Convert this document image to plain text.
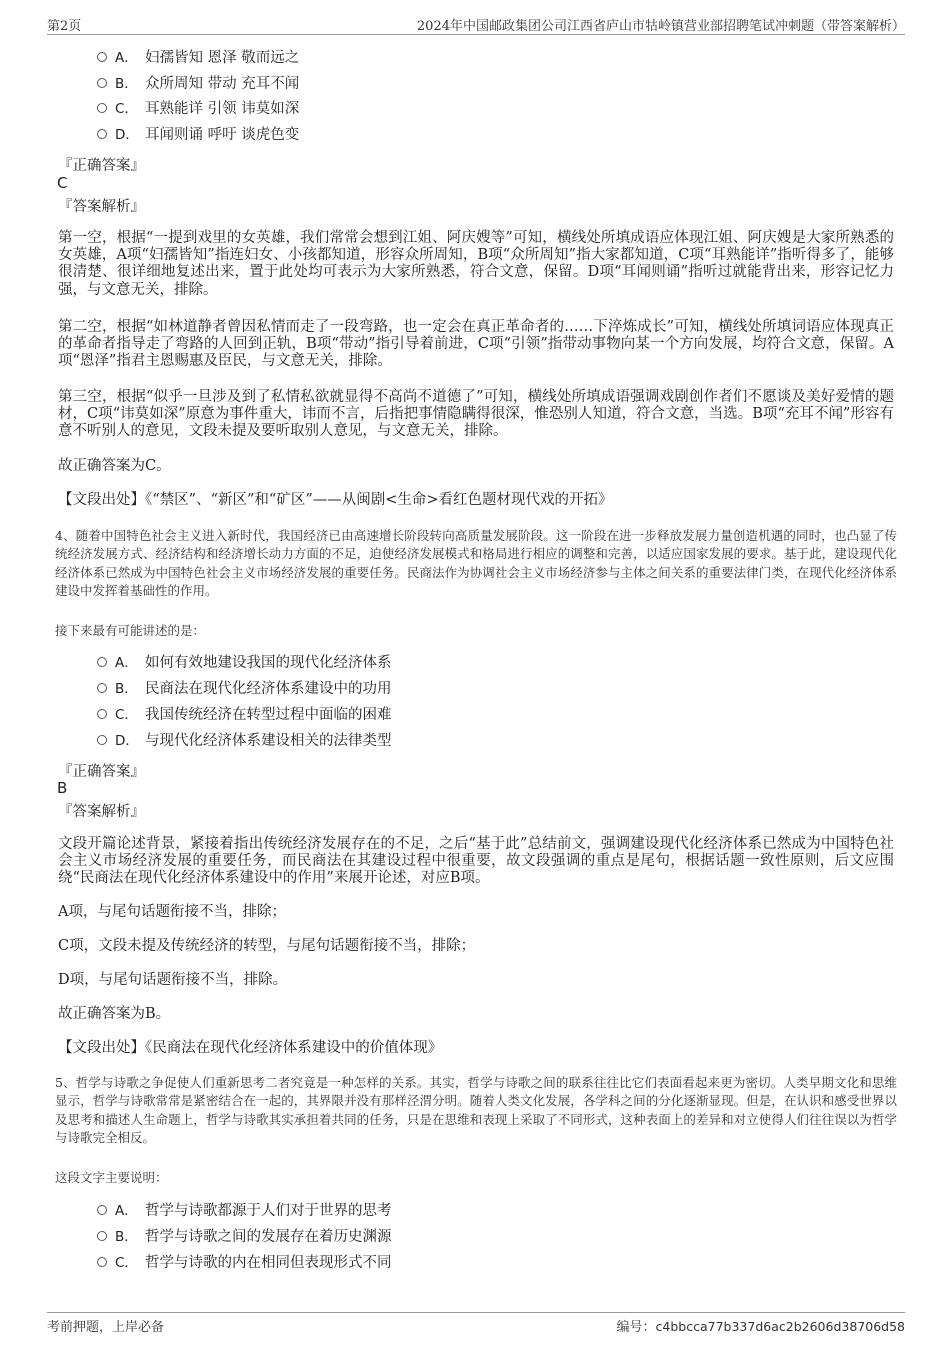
第2页	2024年中国邮政集团公司江西省庐山市牯岭镇营业部招聘笔试冲刺题（带答案解析）
A． 妇孺皆知 恩泽 敬而远之
B． 众所周知 带动 充耳不闻
C． 耳熟能详 引领 讳莫如深
D． 耳闻则诵 呼吁 谈虎色变
『正确答案』
C
『答案解析』
第一空，根据“一提到戏里的女英雄，我们常常会想到江姐、阿庆嫂等”可知，横线处所填成语应体现江姐、阿庆嫂是大家所熟悉的女英雄，A项“妇孺皆知”指连妇女、小孩都知道，形容众所周知，B项“众所周知”指大家都知道，C项“耳熟能详”指听得多了，能够很清楚、很详细地复述出来，置于此处均可表示为大家所熟悉，符合文意，保留。D项“耳闻则诵”指听过就能背出来，形容记忆力强，与文意无关，排除。
第二空，根据“如林道静者曾因私情而走了一段弯路，也一定会在真正革命者的……下淬炼成长”可知，横线处所填词语应体现真正的革命者指导走了弯路的人回到正轨，B项“带动”指引导着前进，C项“引领”指带动事物向某一个方向发展，均符合文意，保留。A项“恩泽”指君主恩赐惠及臣民，与文意无关，排除。
第三空，根据“似乎一旦涉及到了私情私欲就显得不高尚不道德了”可知，横线处所填成语强调戏剧创作者们不愿谈及美好爱情的题材，C项“讳莫如深”原意为事件重大，讳而不言，后指把事情隐瞒得很深，惟恐别人知道，符合文意，当选。B项“充耳不闻”形容有意不听别人的意见，文段未提及要听取别人意见，与文意无关，排除。
故正确答案为C。
【文段出处】《“禁区”、“新区”和“矿区”——从闽剧<生命>看红色题材现代戏的开拓》
4、随着中国特色社会主义进入新时代，我国经济已由高速增长阶段转向高质量发展阶段。这一阶段在进一步释放发展力量创造机遇的同时，也凸显了传统经济发展方式、经济结构和经济增长动力方面的不足，迫使经济发展模式和格局进行相应的调整和完善，以适应国家发展的要求。基于此，建设现代化经济体系已然成为中国特色社会主义市场经济发展的重要任务。民商法作为协调社会主义市场经济参与主体之间关系的重要法律门类，在现代化经济体系建设中发挥着基础性的作用。
接下来最有可能讲述的是：
A． 如何有效地建设我国的现代化经济体系
B． 民商法在现代化经济体系建设中的功用
C． 我国传统经济在转型过程中面临的困难
D． 与现代化经济体系建设相关的法律类型
『正确答案』
B
『答案解析』
文段开篇论述背景，紧接着指出传统经济发展存在的不足，之后“基于此”总结前文，强调建设现代化经济体系已然成为中国特色社会主义市场经济发展的重要任务，而民商法在其建设过程中很重要，故文段强调的重点是尾句，根据话题一致性原则，后文应围绕“民商法在现代化经济体系建设中的作用”来展开论述，对应B项。
A项，与尾句话题衔接不当，排除；
C项，文段未提及传统经济的转型，与尾句话题衔接不当，排除；
D项，与尾句话题衔接不当，排除。
故正确答案为B。
【文段出处】《民商法在现代化经济体系建设中的价值体现》
5、哲学与诗歌之争促使人们重新思考二者究竟是一种怎样的关系。其实，哲学与诗歌之间的联系往往比它们表面看起来更为密切。人类早期文化和思维显示，哲学与诗歌常常是紧密结合在一起的，其界限并没有那样泾渭分明。随着人类文化发展，各学科之间的分化逐渐显现。但是，在认识和感受世界以及思考和描述人生命题上，哲学与诗歌其实承担着共同的任务，只是在思维和表现上采取了不同形式，这种表面上的差异和对立使得人们往往误以为哲学与诗歌完全相反。
这段文字主要说明：
A． 哲学与诗歌都源于人们对于世界的思考
B． 哲学与诗歌之间的发展存在着历史渊源
C． 哲学与诗歌的内在相同但表现形式不同
考前押题，上岸必备	编号：c4bbcca77b337d6ac2b2606d38706d58
